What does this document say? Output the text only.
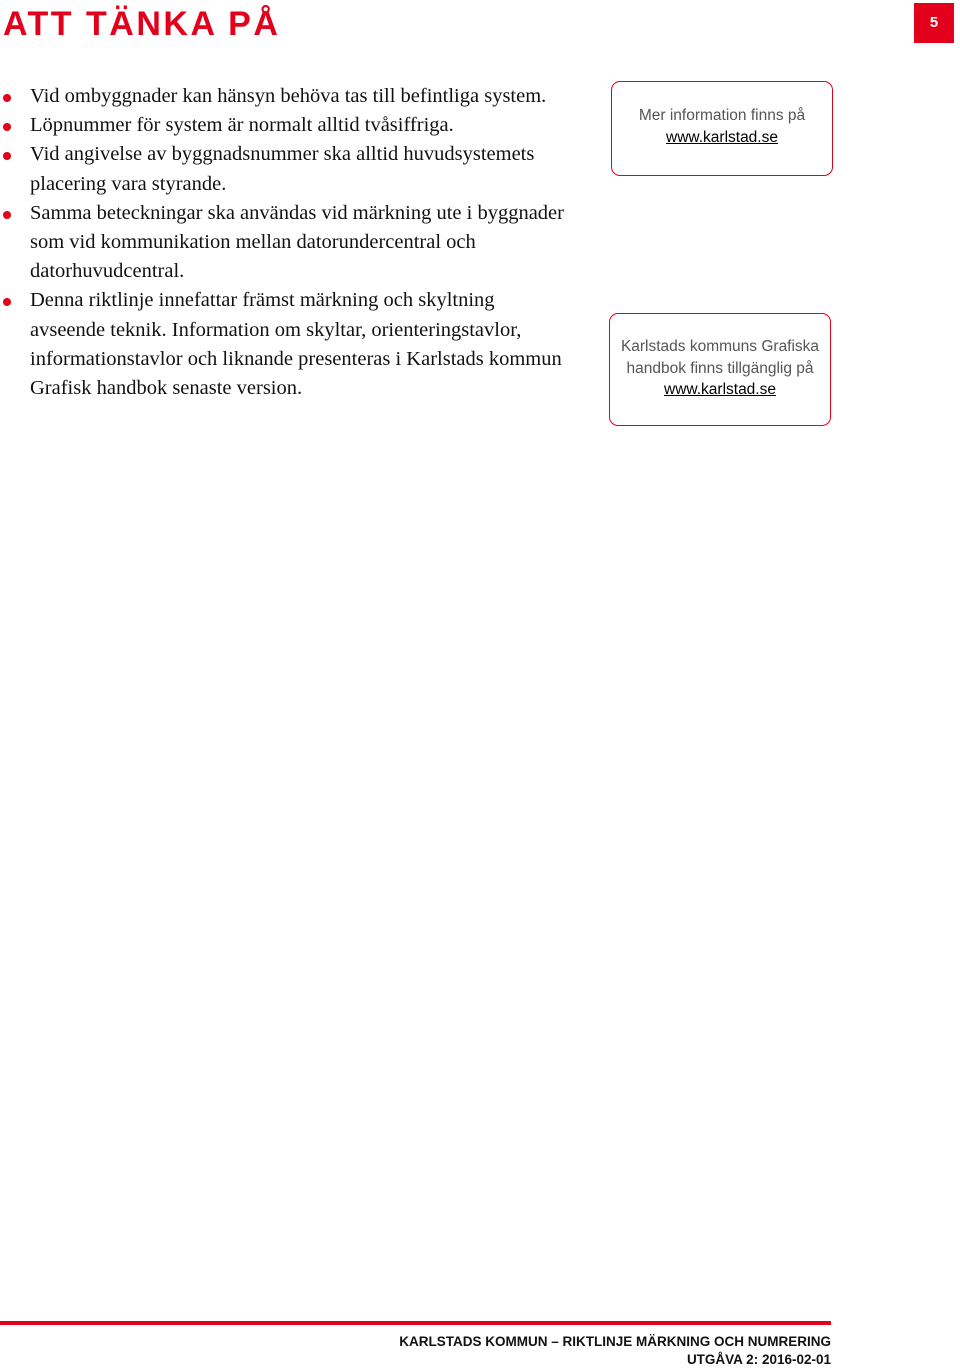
ATT TÄNKA PÅ	5
Vid ombyggnader kan hänsyn behöva tas till befintliga system.
Löpnummer för system är normalt alltid tvåsiffriga.
Vid angivelse av byggnadsnummer ska alltid huvudsystemets placering vara styrande.
Samma beteckningar ska användas vid märkning ute i byggnader som vid kommunikation mellan datorundercentral och datorhuvudcentral.
Denna riktlinje innefattar främst märkning och skyltning avseende teknik. Information om skyltar, orienteringstavlor, informationstavlor och liknande presenteras i Karlstads kommun Grafisk handbok senaste version.
Mer information finns på
www.karlstad.se
Karlstads kommuns Grafiska
handbok finns tillgänglig på
www.karlstad.se
KARLSTADS KOMMUN – RIKTLINJE MÄRKNING OCH NUMRERING
UTGÅVA 2: 2016-02-01
